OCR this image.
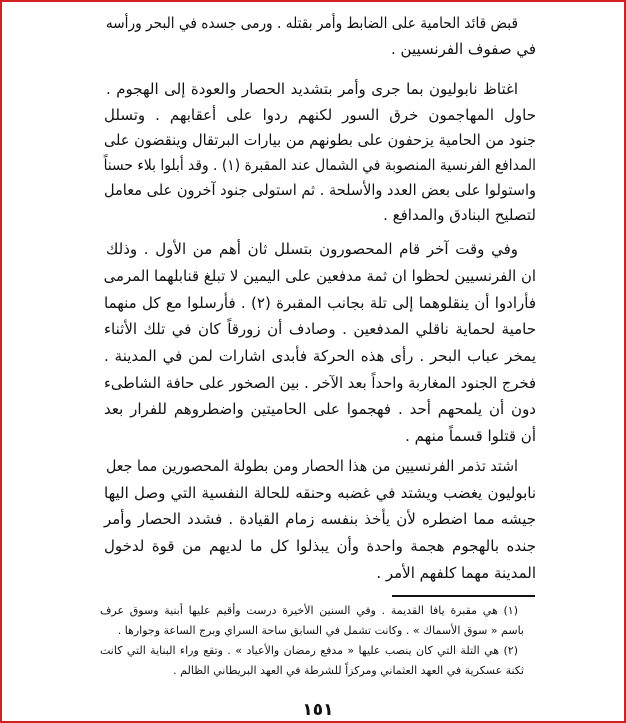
قبض قائد الحامية على الضابط وأمر بقتله . ورمى جسده في البحر ورأسه
في صفوف الفرنسيين .
اغتاظ نابوليون بما جرى وأمر بتشديد الحصار والعودة إلى الهجوم .
حاول المهاجمون خرق السور لكنهم ردوا على أعقابهم . وتسلل
جنود من الحامية يزحفون على بطونهم من بيارات البرتقال وينقضون على
المدافع الفرنسية المنصوبة في الشمال عند المقبرة (١) . وقد أبلوا بلاء حسناً
واستولوا على بعض العدد والأسلحة . ثم استولى جنود آخرون على معامل
لتصليح البنادق والمدافع .
وفي وقت آخر قام المحصورون بتسلل ثان أهم من الأول . وذلك
ان الفرنسيين لحظوا ان ثمة مدفعين على اليمين لا تبلغ قنابلهما المرمى
فأرادوا أن ينقلوهما إلى تلة بجانب المقبرة (٢) . فأرسلوا مع كل منهما
حامية لحماية ناقلي المدفعين . وصادف أن زورقاً كان في تلك الأثناء
يمخر عباب البحر . رأى هذه الحركة فأبدى اشارات لمن في المدينة .
فخرج الجنود المغاربة واحداً بعد الآخر . بين الصخور على حافة الشاطىء
دون أن يلمحهم أحد . فهجموا على الحاميتين واضطروهم للفرار بعد
أن قتلوا قسماً منهم .
اشتد تذمر الفرنسيين من هذا الحصار ومن بطولة المحصورين مما جعل
نابوليون يغضب ويشتد في غضبه وحنقه للحالة النفسية التي وصل اليها
جيشه مما اضطره لأن يأخذ بنفسه زمام القيادة . فشدد الحصار وأمر
جنده بالهجوم هجمة واحدة وأن يبذلوا كل ما لديهم من قوة لدخول
المدينة مهما كلفهم الأمر .
(١) هي مقبرة يافا القديمة . وفي السنين الأخيرة درست وأقيم عليها أبنية وسوق عرف
باسم « سوق الأسماك » . وكانت تشمل في السابق ساحة السراي وبرج الساعة وجوارها .
(٢) هي التلة التي كان ينصب عليها « مدفع رمضان والأعياد » . وتقع وراء البناية التي كانت
ثكنة عسكرية في العهد العثماني ومركزاً للشرطة في العهد البريطاني الظالم .
١٥١
